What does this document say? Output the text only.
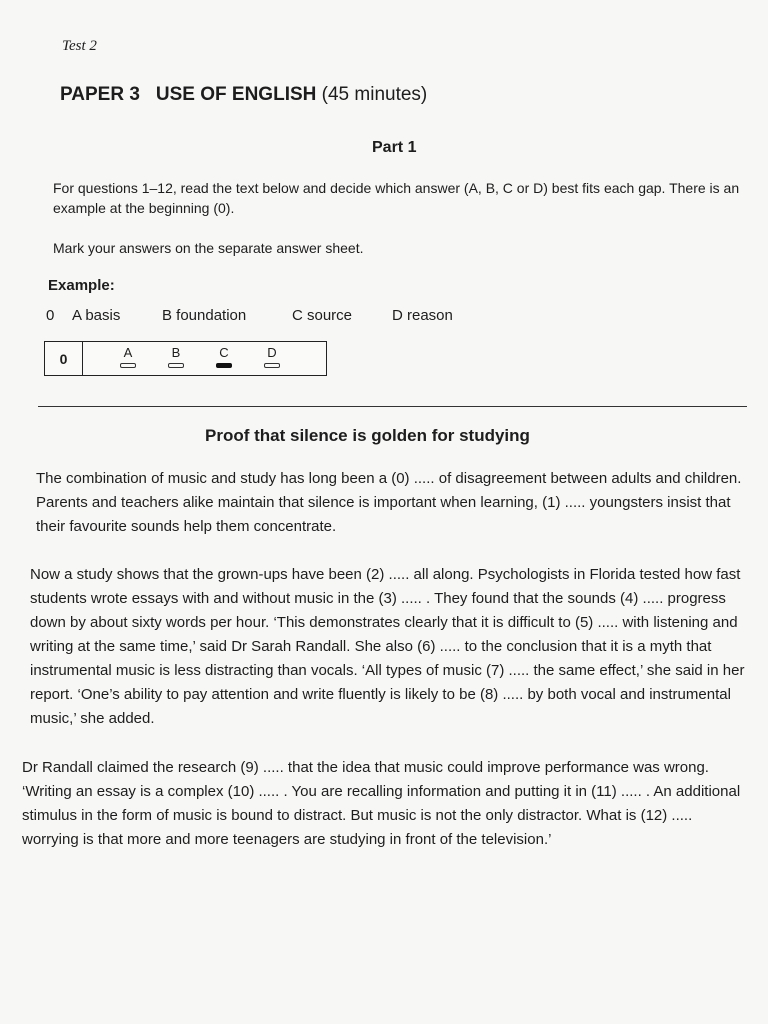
Test 2
PAPER 3 USE OF ENGLISH (45 minutes)
Part 1
For questions 1–12, read the text below and decide which answer (A, B, C or D) best fits each gap. There is an example at the beginning (0).
Mark your answers on the separate answer sheet.
Example:
0 A basis	B foundation	C source	D reason
0	A	B	C	D
Proof that silence is golden for studying

The combination of music and study has long been a (0) ..... of disagreement between adults and children. Parents and teachers alike maintain that silence is important when learning, (1) ..... youngsters insist that their favourite sounds help them concentrate.

Now a study shows that the grown-ups have been (2) ..... all along. Psychologists in Florida tested how fast students wrote essays with and without music in the (3) ..... . They found that the sounds (4) ..... progress down by about sixty words per hour. ‘This demonstrates clearly that it is difficult to (5) ..... with listening and writing at the same time,’ said Dr Sarah Randall. She also (6) ..... to the conclusion that it is a myth that instrumental music is less distracting than vocals. ‘All types of music (7) ..... the same effect,’ she said in her report. ‘One’s ability to pay attention and write fluently is likely to be (8) ..... by both vocal and instrumental music,’ she added.

Dr Randall claimed the research (9) ..... that the idea that music could improve performance was wrong. ‘Writing an essay is a complex (10) ..... . You are recalling information and putting it in (11) ..... . An additional stimulus in the form of music is bound to distract. But music is not the only distractor. What is (12) ..... worrying is that more and more teenagers are studying in front of the television.’
